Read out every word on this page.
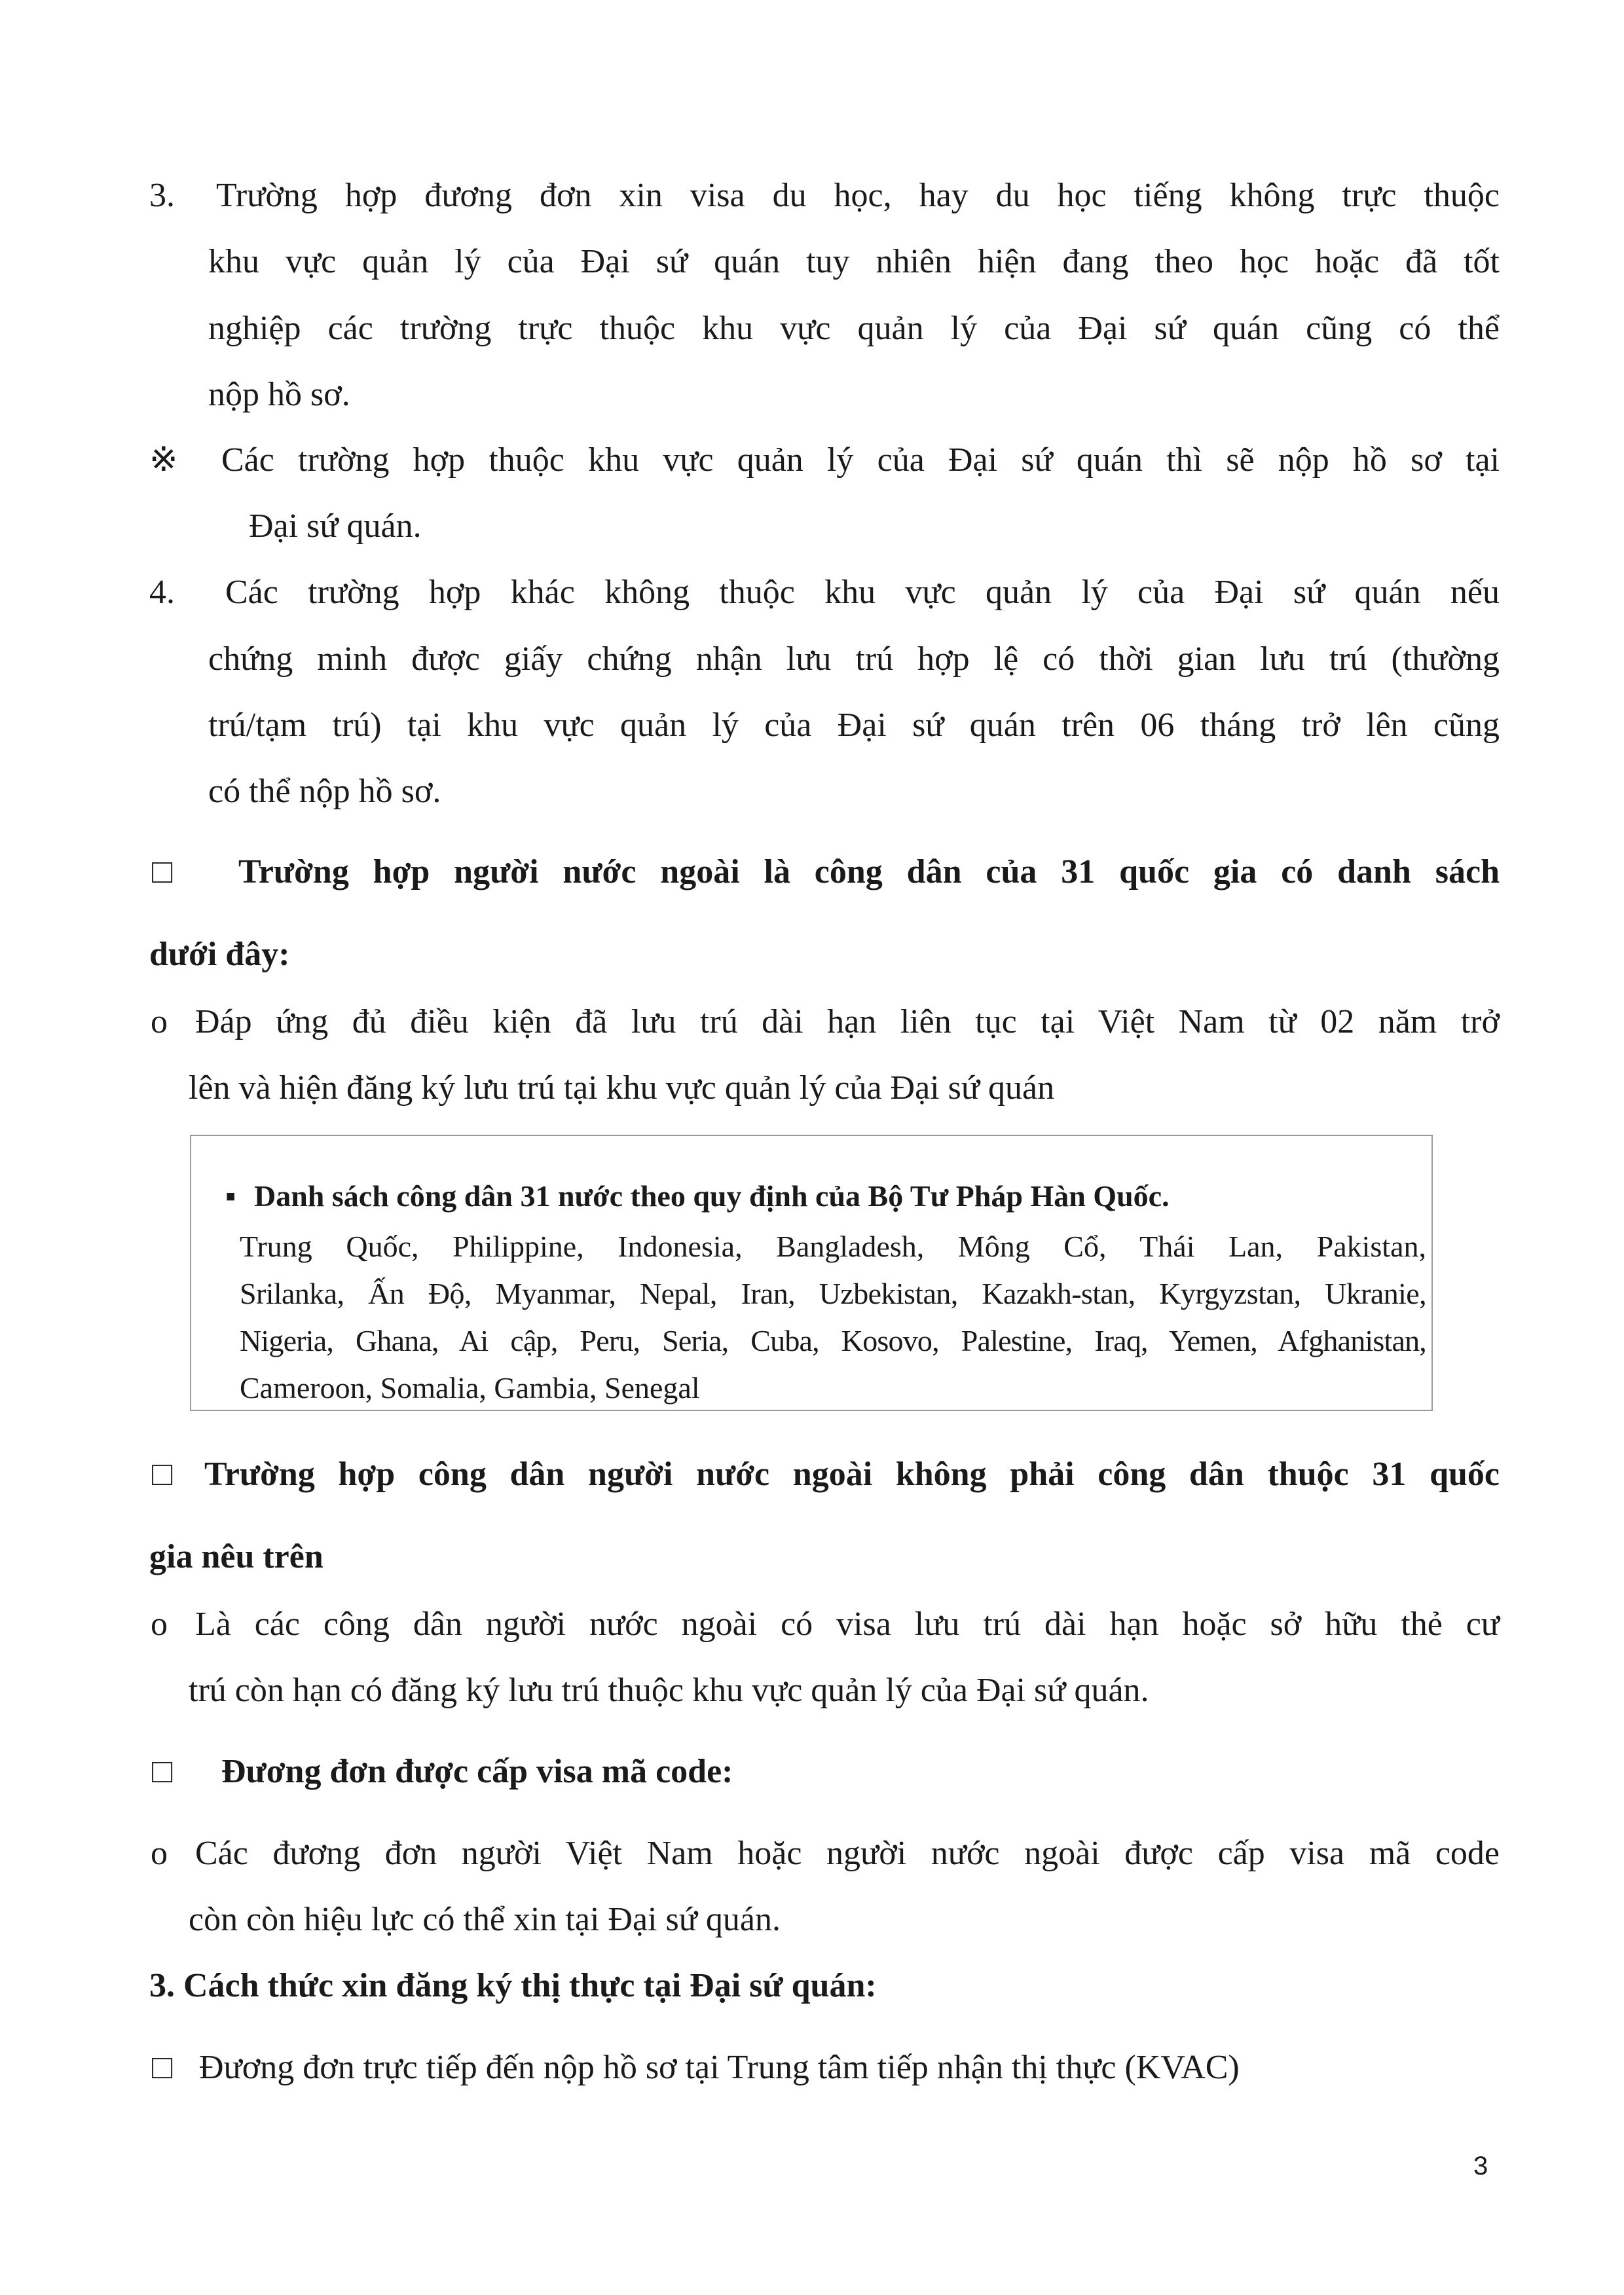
3. Trường hợp đương đơn xin visa du học, hay du học tiếng không trực thuộc
khu vực quản lý của Đại sứ quán tuy nhiên hiện đang theo học hoặc đã tốt
nghiệp các trường trực thuộc khu vực quản lý của Đại sứ quán cũng có thể
nộp hồ sơ.
※ Các trường hợp thuộc khu vực quản lý của Đại sứ quán thì sẽ nộp hồ sơ tại
Đại sứ quán.
4. Các trường hợp khác không thuộc khu vực quản lý của Đại sứ quán nếu
chứng minh được giấy chứng nhận lưu trú hợp lệ có thời gian lưu trú (thường
trú/tạm trú) tại khu vực quản lý của Đại sứ quán trên 06 tháng trở lên cũng
có thể nộp hồ sơ.
□ Trường hợp người nước ngoài là công dân của 31 quốc gia có danh sách
dưới đây:
o Đáp ứng đủ điều kiện đã lưu trú dài hạn liên tục tại Việt Nam từ 02 năm trở
lên và hiện đăng ký lưu trú tại khu vực quản lý của Đại sứ quán
▪ Danh sách công dân 31 nước theo quy định của Bộ Tư Pháp Hàn Quốc.
Trung Quốc, Philippine, Indonesia, Bangladesh, Mông Cổ, Thái Lan, Pakistan,
Srilanka, Ấn Độ, Myanmar, Nepal, Iran, Uzbekistan, Kazakh-stan, Kyrgyzstan, Ukranie,
Nigeria, Ghana, Ai cập, Peru, Seria, Cuba, Kosovo, Palestine, Iraq, Yemen, Afghanistan,
Cameroon, Somalia, Gambia, Senegal
□ Trường hợp công dân người nước ngoài không phải công dân thuộc 31 quốc
gia nêu trên
o Là các công dân người nước ngoài có visa lưu trú dài hạn hoặc sở hữu thẻ cư
trú còn hạn có đăng ký lưu trú thuộc khu vực quản lý của Đại sứ quán.
□ Đương đơn được cấp visa mã code:
o Các đương đơn người Việt Nam hoặc người nước ngoài được cấp visa mã code
còn còn hiệu lực có thể xin tại Đại sứ quán.
3. Cách thức xin đăng ký thị thực tại Đại sứ quán:
□ Đương đơn trực tiếp đến nộp hồ sơ tại Trung tâm tiếp nhận thị thực (KVAC)
3
